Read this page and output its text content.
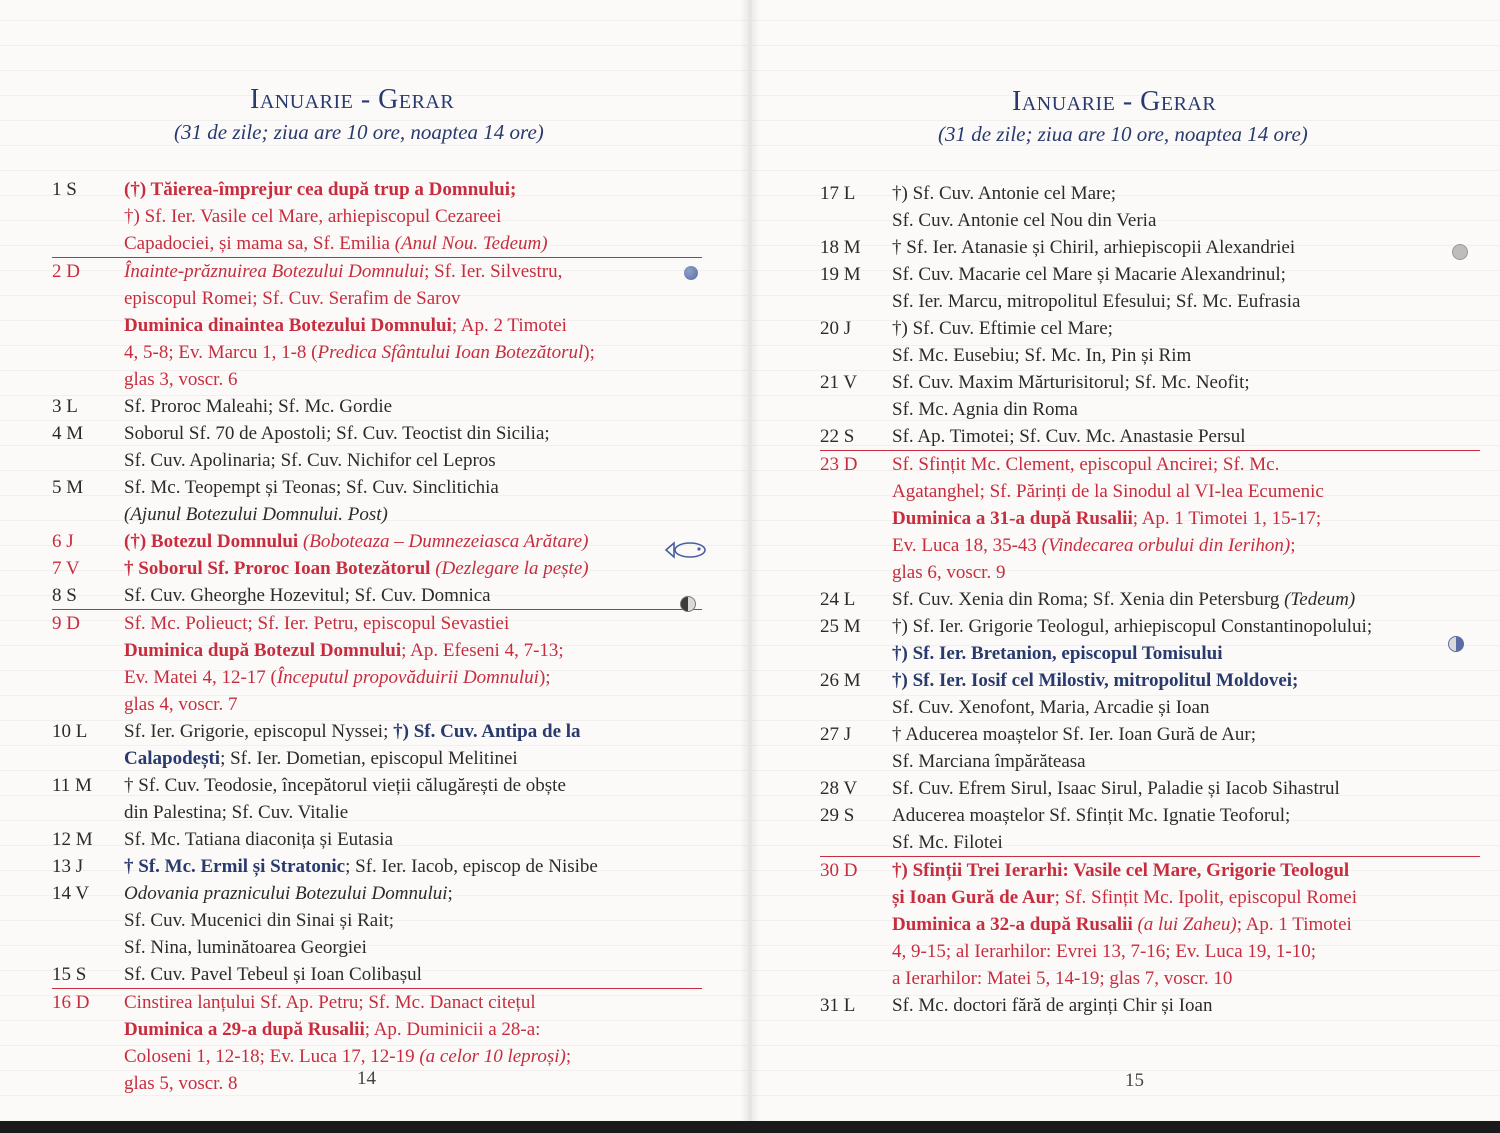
Ianuarie - Gerar
(31 de zile; ziua are 10 ore, noaptea 14 ore)
1 S	(†) Tăierea-împrejur cea după trup a Domnului;
†) Sf. Ier. Vasile cel Mare, arhiepiscopul Cezareei
Capadociei, și mama sa, Sf. Emilia (Anul Nou. Tedeum)
2 D	Înainte-prăznuirea Botezului Domnului; Sf. Ier. Silvestru,
episcopul Romei; Sf. Cuv. Serafim de Sarov
Duminica dinaintea Botezului Domnului; Ap. 2 Timotei
4, 5-8; Ev. Marcu 1, 1-8 (Predica Sfântului Ioan Botezătorul);
glas 3, voscr. 6
3 L	Sf. Proroc Maleahi; Sf. Mc. Gordie
4 M	Soborul Sf. 70 de Apostoli; Sf. Cuv. Teoctist din Sicilia;
Sf. Cuv. Apolinaria; Sf. Cuv. Nichifor cel Lepros
5 M	Sf. Mc. Teopempt și Teonas; Sf. Cuv. Sinclitichia
(Ajunul Botezului Domnului. Post)
6 J	(†) Botezul Domnului (Boboteaza – Dumnezeiasca Arătare)
7 V	† Soborul Sf. Proroc Ioan Botezătorul (Dezlegare la pește)
8 S	Sf. Cuv. Gheorghe Hozevitul; Sf. Cuv. Domnica
9 D	Sf. Mc. Polieuct; Sf. Ier. Petru, episcopul Sevastiei
Duminica după Botezul Domnului; Ap. Efeseni 4, 7-13;
Ev. Matei 4, 12-17 (Începutul propovăduirii Domnului);
glas 4, voscr. 7
10 L	Sf. Ier. Grigorie, episcopul Nyssei; †) Sf. Cuv. Antipa de la
Calapodești; Sf. Ier. Dometian, episcopul Melitinei
11 M	† Sf. Cuv. Teodosie, începătorul vieții călugărești de obște
din Palestina; Sf. Cuv. Vitalie
12 M	Sf. Mc. Tatiana diaconița și Eutasia
13 J	† Sf. Mc. Ermil și Stratonic; Sf. Ier. Iacob, episcop de Nisibe
14 V	Odovania praznicului Botezului Domnului;
Sf. Cuv. Mucenici din Sinai și Rait;
Sf. Nina, luminătoarea Georgiei
15 S	Sf. Cuv. Pavel Tebeul și Ioan Colibașul
16 D	Cinstirea lanțului Sf. Ap. Petru; Sf. Mc. Danact citețul
Duminica a 29-a după Rusalii; Ap. Duminicii a 28-a:
Coloseni 1, 12-18; Ev. Luca 17, 12-19 (a celor 10 leproși);
glas 5, voscr. 8	14
Ianuarie - Gerar
(31 de zile; ziua are 10 ore, noaptea 14 ore)
17 L	†) Sf. Cuv. Antonie cel Mare;
Sf. Cuv. Antonie cel Nou din Veria
18 M	† Sf. Ier. Atanasie și Chiril, arhiepiscopii Alexandriei
19 M	Sf. Cuv. Macarie cel Mare și Macarie Alexandrinul;
Sf. Ier. Marcu, mitropolitul Efesului; Sf. Mc. Eufrasia
20 J	†) Sf. Cuv. Eftimie cel Mare;
Sf. Mc. Eusebiu; Sf. Mc. In, Pin și Rim
21 V	Sf. Cuv. Maxim Mărturisitorul; Sf. Mc. Neofit;
Sf. Mc. Agnia din Roma
22 S	Sf. Ap. Timotei; Sf. Cuv. Mc. Anastasie Persul
23 D	Sf. Sfințit Mc. Clement, episcopul Ancirei; Sf. Mc.
Agatanghel; Sf. Părinți de la Sinodul al VI-lea Ecumenic
Duminica a 31-a după Rusalii; Ap. 1 Timotei 1, 15-17;
Ev. Luca 18, 35-43 (Vindecarea orbului din Ierihon);
glas 6, voscr. 9
24 L	Sf. Cuv. Xenia din Roma; Sf. Xenia din Petersburg (Tedeum)
25 M	†) Sf. Ier. Grigorie Teologul, arhiepiscopul Constantinopolului;
†) Sf. Ier. Bretanion, episcopul Tomisului
26 M	†) Sf. Ier. Iosif cel Milostiv, mitropolitul Moldovei;
Sf. Cuv. Xenofont, Maria, Arcadie și Ioan
27 J	† Aducerea moaștelor Sf. Ier. Ioan Gură de Aur;
Sf. Marciana împărăteasa
28 V	Sf. Cuv. Efrem Sirul, Isaac Sirul, Paladie și Iacob Sihastrul
29 S	Aducerea moaștelor Sf. Sfințit Mc. Ignatie Teoforul;
Sf. Mc. Filotei
30 D	†) Sfinții Trei Ierarhi: Vasile cel Mare, Grigorie Teologul
și Ioan Gură de Aur; Sf. Sfințit Mc. Ipolit, episcopul Romei
Duminica a 32-a după Rusalii (a lui Zaheu); Ap. 1 Timotei
4, 9-15; al Ierarhilor: Evrei 13, 7-16; Ev. Luca 19, 1-10;
a Ierarhilor: Matei 5, 14-19; glas 7, voscr. 10
31 L	Sf. Mc. doctori fără de arginți Chir și Ioan
15
